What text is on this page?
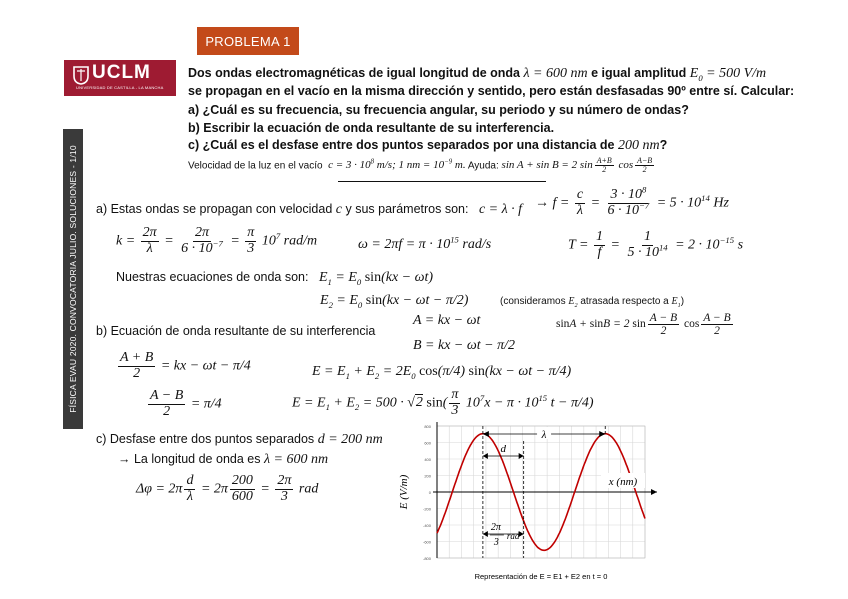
PROBLEMA 1
UCLM
UNIVERSIDAD DE CASTILLA - LA MANCHA
FÍSICA EVAU 2020. CONVOCATORIA JULIO. SOLUCIONES - 1/10
Dos ondas electromagnéticas de igual longitud de onda λ = 600 nm e igual amplitud $E_0 = 500$ V/m
se propagan en el vacío en la misma dirección y sentido, pero están desfasadas 90º entre sí. Calcular:
a) ¿Cuál es su frecuencia, su frecuencia angular, su periodo y su número de ondas?
b) Escribir la ecuación de onda resultante de su interferencia.
c) ¿Cuál es el desfase entre dos puntos separados por una distancia de 200 nm?
Velocidad de la luz en el vacío  $c = 3 \cdot 10^8$ m/s; 1 nm = $10^{-9}$ m. Ayuda: sin A + sin B = 2 $\sin \frac{A+B}{2}$ $\cos \frac{A-B}{2}$
a) Estas ondas se propagan con velocidad c y sus parámetros son:   $c = \lambda \cdot f \to f = \frac{c}{\lambda} = \frac{3 \cdot 10^8}{6 \cdot 10^{-7}} = 5 \cdot 10^{14}$ Hz
$k = \frac{2\pi}{\lambda} = \frac{2\pi}{6 \cdot 10^{-7}} = \frac{\pi}{3} 10^7$ rad/m	$\omega = 2\pi f = \pi \cdot 10^{15}$ rad/s	$T = \frac{1}{f} = \frac{1}{5 \cdot 10^{14}} = 2 \cdot 10^{-15}$ s
Nuestras ecuaciones de onda son:   $E_1 = E_0$ sin(kx − ωt)
$E_2 = E_0$ sin(kx − ωt − π/2)	(consideramos $E_2$ atrasada respecto a $E_1$)
b) Ecuación de onda resultante de su interferencia
A = kx − ωt
B = kx − ωt − π/2
sinA + sinB = 2 $\sin \frac{A - B}{2}$ $\cos \frac{A - B}{2}$
$\frac{A + B}{2}$ = kx − ωt − π/4
$\frac{A - B}{2} = \pi/4$
$E = E_1 + E_2 = 2E_0$ cos(π/4) sin(kx − ωt − π/4)
$E = E_1 + E_2 = 500 \cdot √2$ $\sin( \frac{\pi}{3} 10^7x - \pi \cdot 10^{15}$ t − π/4)
c) Desfase entre dos puntos separados d = 200 nm
→ La longitud de onda es λ = 600 nm
$\Delta\varphi = 2\pi \frac{d}{\lambda} = 2\pi \frac{200}{600} = \frac{2\pi}{3}$ rad
800
600
400
200
0
-200
-400
-600
-800
λ
d
2π
3
rad
x (nm)
E (V/m)
Representación de E = E1 + E2 en t = 0
